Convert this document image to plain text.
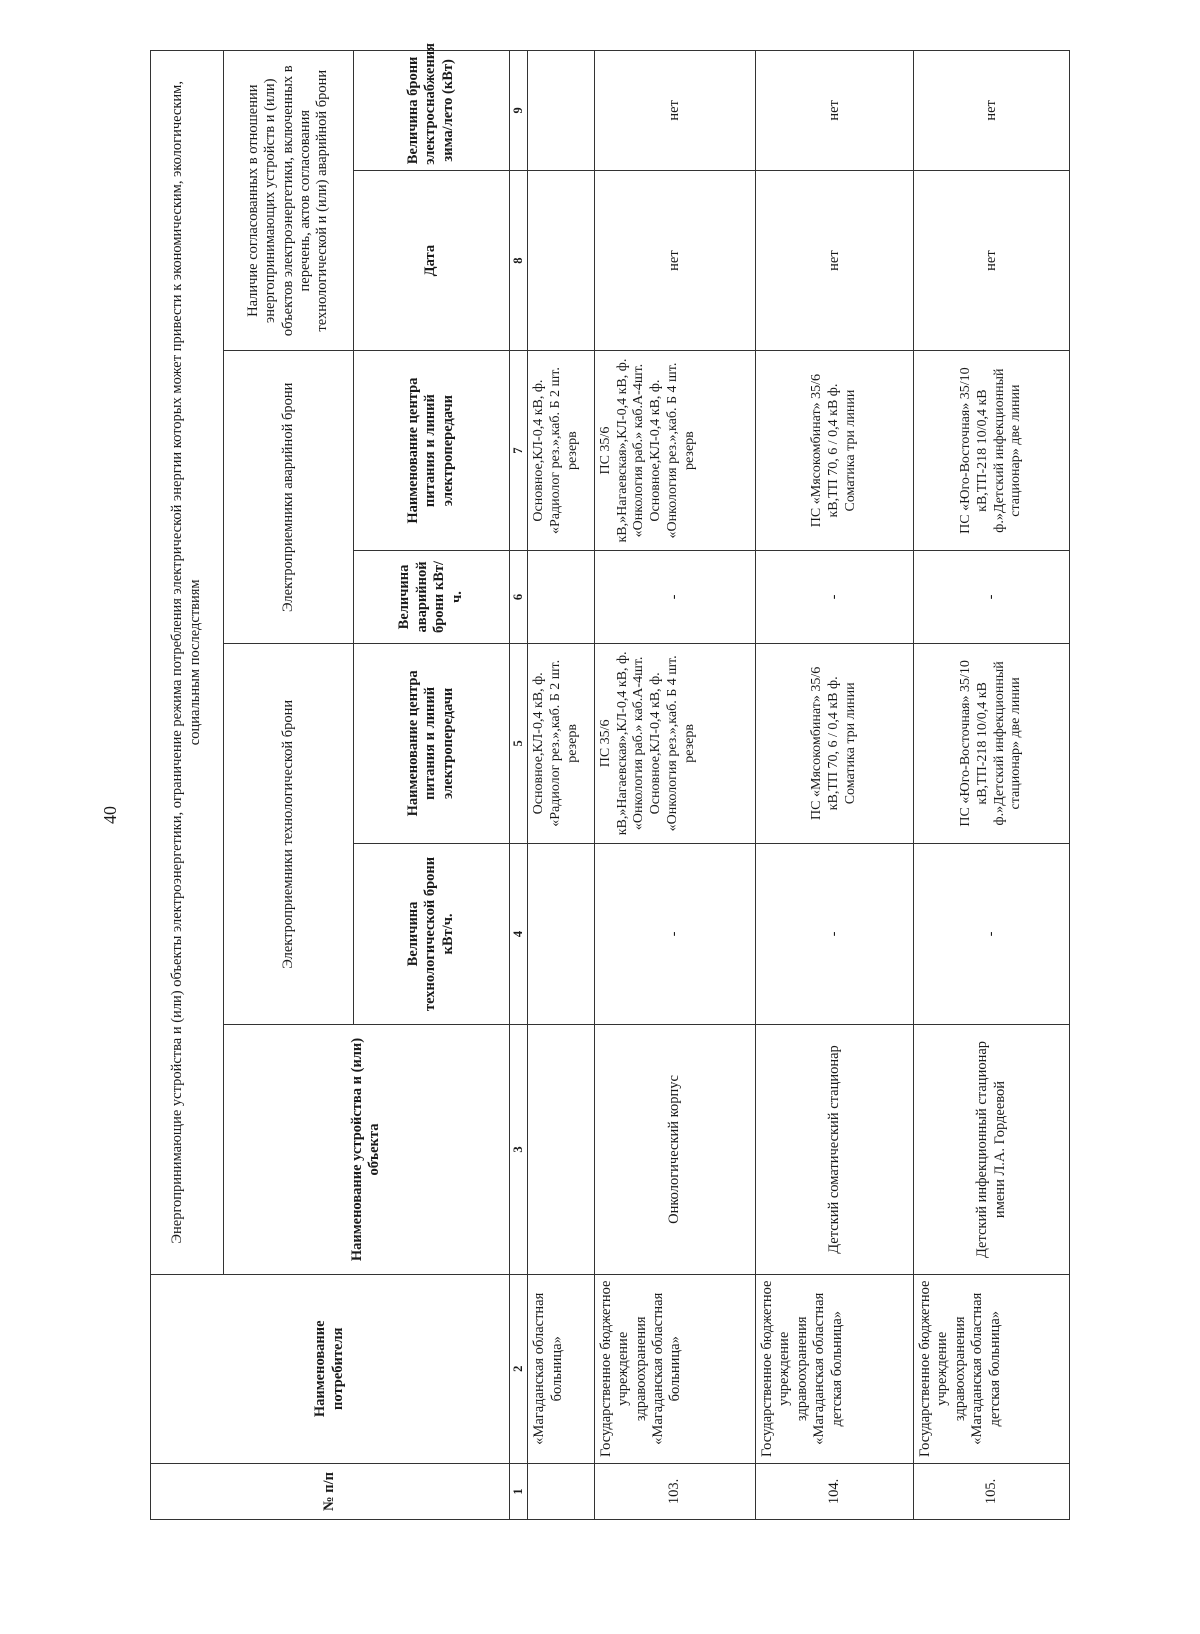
40
№ п/п	Наименование потребителя	Энергопринимающие устройства и (или) объекты электроэнергетики, ограничение режима потребления электрической энергии которых может привести к экономическим, экологическим, социальным последствиям						
		Наименование устройства и (или) объекта	Электроприемники технологической брони		Электроприемники аварийной брони		Наличие согласованных в отношении энергопринимающих устройств и (или) объектов электроэнергетики, включенных в перечень, актов согласования технологической и (или) аварийной брони	
			Величина технологической брони кВт/ч.	Наименование центра питания и линий электропередачи	Величина аварийной брони кВт/ч.	Наименование центра питания и линий электропередачи	Дата	Величина брони электроснабжения зима/лето (кВт)
1	2	3	4	5	6	7	8	9
	«Магаданская областная больница»			Основное,КЛ-0,4 кВ, ф. «Радиолог рез.»,каб. Б 2 шт. резерв		Основное,КЛ-0,4 кВ, ф. «Радиолог рез.»,каб. Б 2 шт. резерв		
103.	Государственное бюджетное учреждение здравоохранения «Магаданская областная больница»	Онкологический корпус	-	ПС 35/6 кВ,»Нагаевская»,КЛ-0,4 кВ, ф. «Онкология раб.» каб.А-4шт. Основное,КЛ-0,4 кВ, ф. «Онкология рез.»,каб. Б 4 шт. резерв	-	ПС 35/6 кВ,»Нагаевская»,КЛ-0,4 кВ, ф. «Онкология раб.» каб.А-4шт. Основное,КЛ-0,4 кВ, ф. «Онкология рез.»,каб. Б 4 шт. резерв	нет	нет
104.	Государственное бюджетное учреждение здравоохранения «Магаданская областная детская больница»	Детский соматический стационар	-	ПС «Мясокомбинат» 35/6 кВ,ТП 70, 6 / 0,4 кВ ф. Соматика три линии	-	ПС «Мясокомбинат» 35/6 кВ,ТП 70, 6 / 0,4 кВ ф. Соматика три линии	нет	нет
105.	Государственное бюджетное учреждение здравоохранения «Магаданская областная детская больница»	Детский инфекционный стационар имени Л.А. Гордеевой	-	ПС «Юго-Восточная» 35/10 кВ,ТП-218 10/0,4 кВ ф.»Детский инфекционный стационар» две линии	-	ПС «Юго-Восточная» 35/10 кВ,ТП-218 10/0,4 кВ ф.»Детский инфекционный стационар» две линии	нет	нет
